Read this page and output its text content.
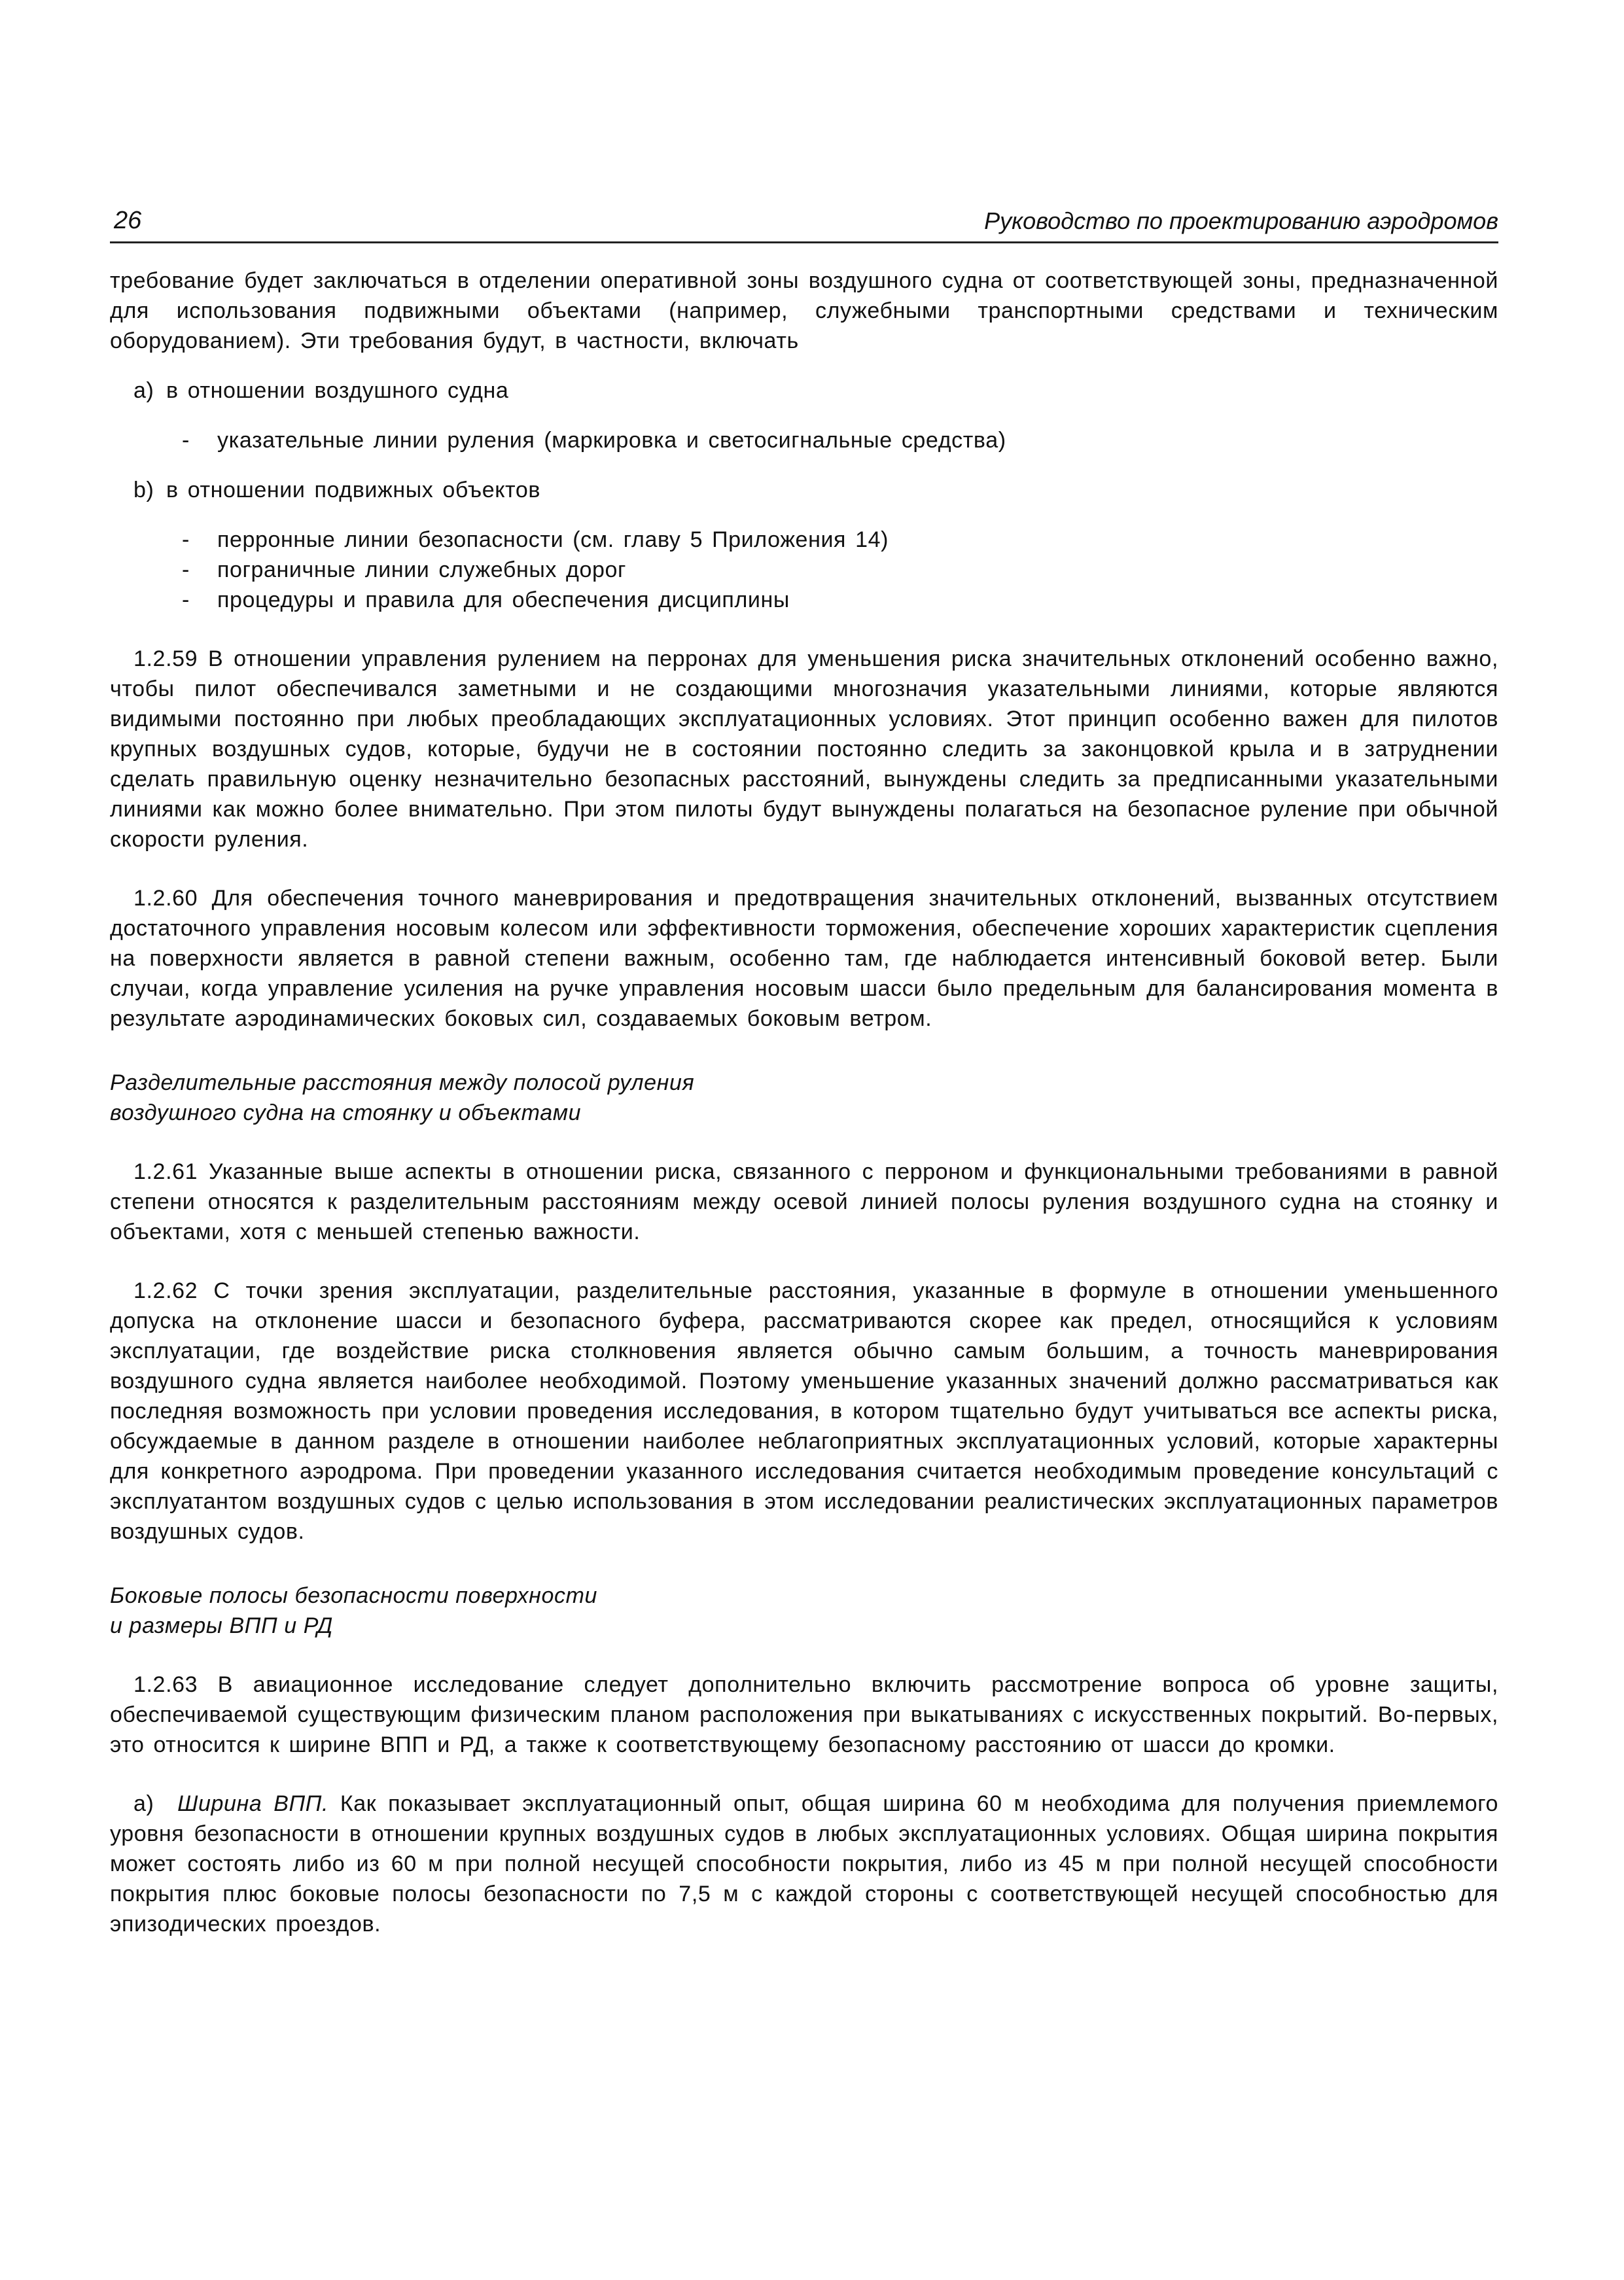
26	Руководство по проектированию аэродромов

требование будет заключаться в отделении оперативной зоны воздушного судна от соответствующей зоны, предназначенной для использования подвижными объектами (например, служебными транспортными средствами и техническим оборудованием). Эти требования будут, в частности, включать

a) в отношении воздушного судна
-	указательные линии руления (маркировка и светосигнальные средства)
b) в отношении подвижных объектов
-	перронные линии безопасности (см. главу 5 Приложения 14)
-	пограничные линии служебных дорог
-	процедуры и правила для обеспечения дисциплины

1.2.59 В отношении управления рулением на перронах для уменьшения риска значительных отклонений особенно важно, чтобы пилот обеспечивался заметными и не создающими многозначия указательными линиями, которые являются видимыми постоянно при любых преобладающих эксплуатационных условиях. Этот принцип особенно важен для пилотов крупных воздушных судов, которые, будучи не в состоянии постоянно следить за законцовкой крыла и в затруднении сделать правильную оценку незначительно безопасных расстояний, вынуждены следить за предписанными указательными линиями как можно более внимательно. При этом пилоты будут вынуждены полагаться на безопасное руление при обычной скорости руления.

1.2.60 Для обеспечения точного маневрирования и предотвращения значительных отклонений, вызванных отсутствием достаточного управления носовым колесом или эффективности торможения, обеспечение хороших характеристик сцепления на поверхности является в равной степени важным, особенно там, где наблюдается интенсивный боковой ветер. Были случаи, когда управление усиления на ручке управления носовым шасси было предельным для балансирования момента в результате аэродинамических боковых сил, создаваемых боковым ветром.

Разделительные расстояния между полосой руления
воздушного судна на стоянку и объектами

1.2.61 Указанные выше аспекты в отношении риска, связанного с перроном и функциональными требованиями в равной степени относятся к разделительным расстояниям между осевой линией полосы руления воздушного судна на стоянку и объектами, хотя с меньшей степенью важности.

1.2.62 С точки зрения эксплуатации, разделительные расстояния, указанные в формуле в отношении уменьшенного допуска на отклонение шасси и безопасного буфера, рассматриваются скорее как предел, относящийся к условиям эксплуатации, где воздействие риска столкновения является обычно самым большим, а точность маневрирования воздушного судна является наиболее необходимой. Поэтому уменьшение указанных значений должно рассматриваться как последняя возможность при условии проведения исследования, в котором тщательно будут учитываться все аспекты риска, обсуждаемые в данном разделе в отношении наиболее неблагоприятных эксплуатационных условий, которые характерны для конкретного аэродрома. При проведении указанного исследования считается необходимым проведение консультаций с эксплуатантом воздушных судов с целью использования в этом исследовании реалистических эксплуатационных параметров воздушных судов.

Боковые полосы безопасности поверхности
и размеры ВПП и РД

1.2.63 В авиационное исследование следует дополнительно включить рассмотрение вопроса об уровне защиты, обеспечиваемой существующим физическим планом расположения при выкатываниях с искусственных покрытий. Во-первых, это относится к ширине ВПП и РД, а также к соответствующему безопасному расстоянию от шасси до кромки.

a) Ширина ВПП. Как показывает эксплуатационный опыт, общая ширина 60 м необходима для получения приемлемого уровня безопасности в отношении крупных воздушных судов в любых эксплуатационных условиях. Общая ширина покрытия может состоять либо из 60 м при полной несущей способности покрытия, либо из 45 м при полной несущей способности покрытия плюс боковые полосы безопасности по 7,5 м с каждой стороны с соответствующей несущей способностью для эпизодических проездов.
